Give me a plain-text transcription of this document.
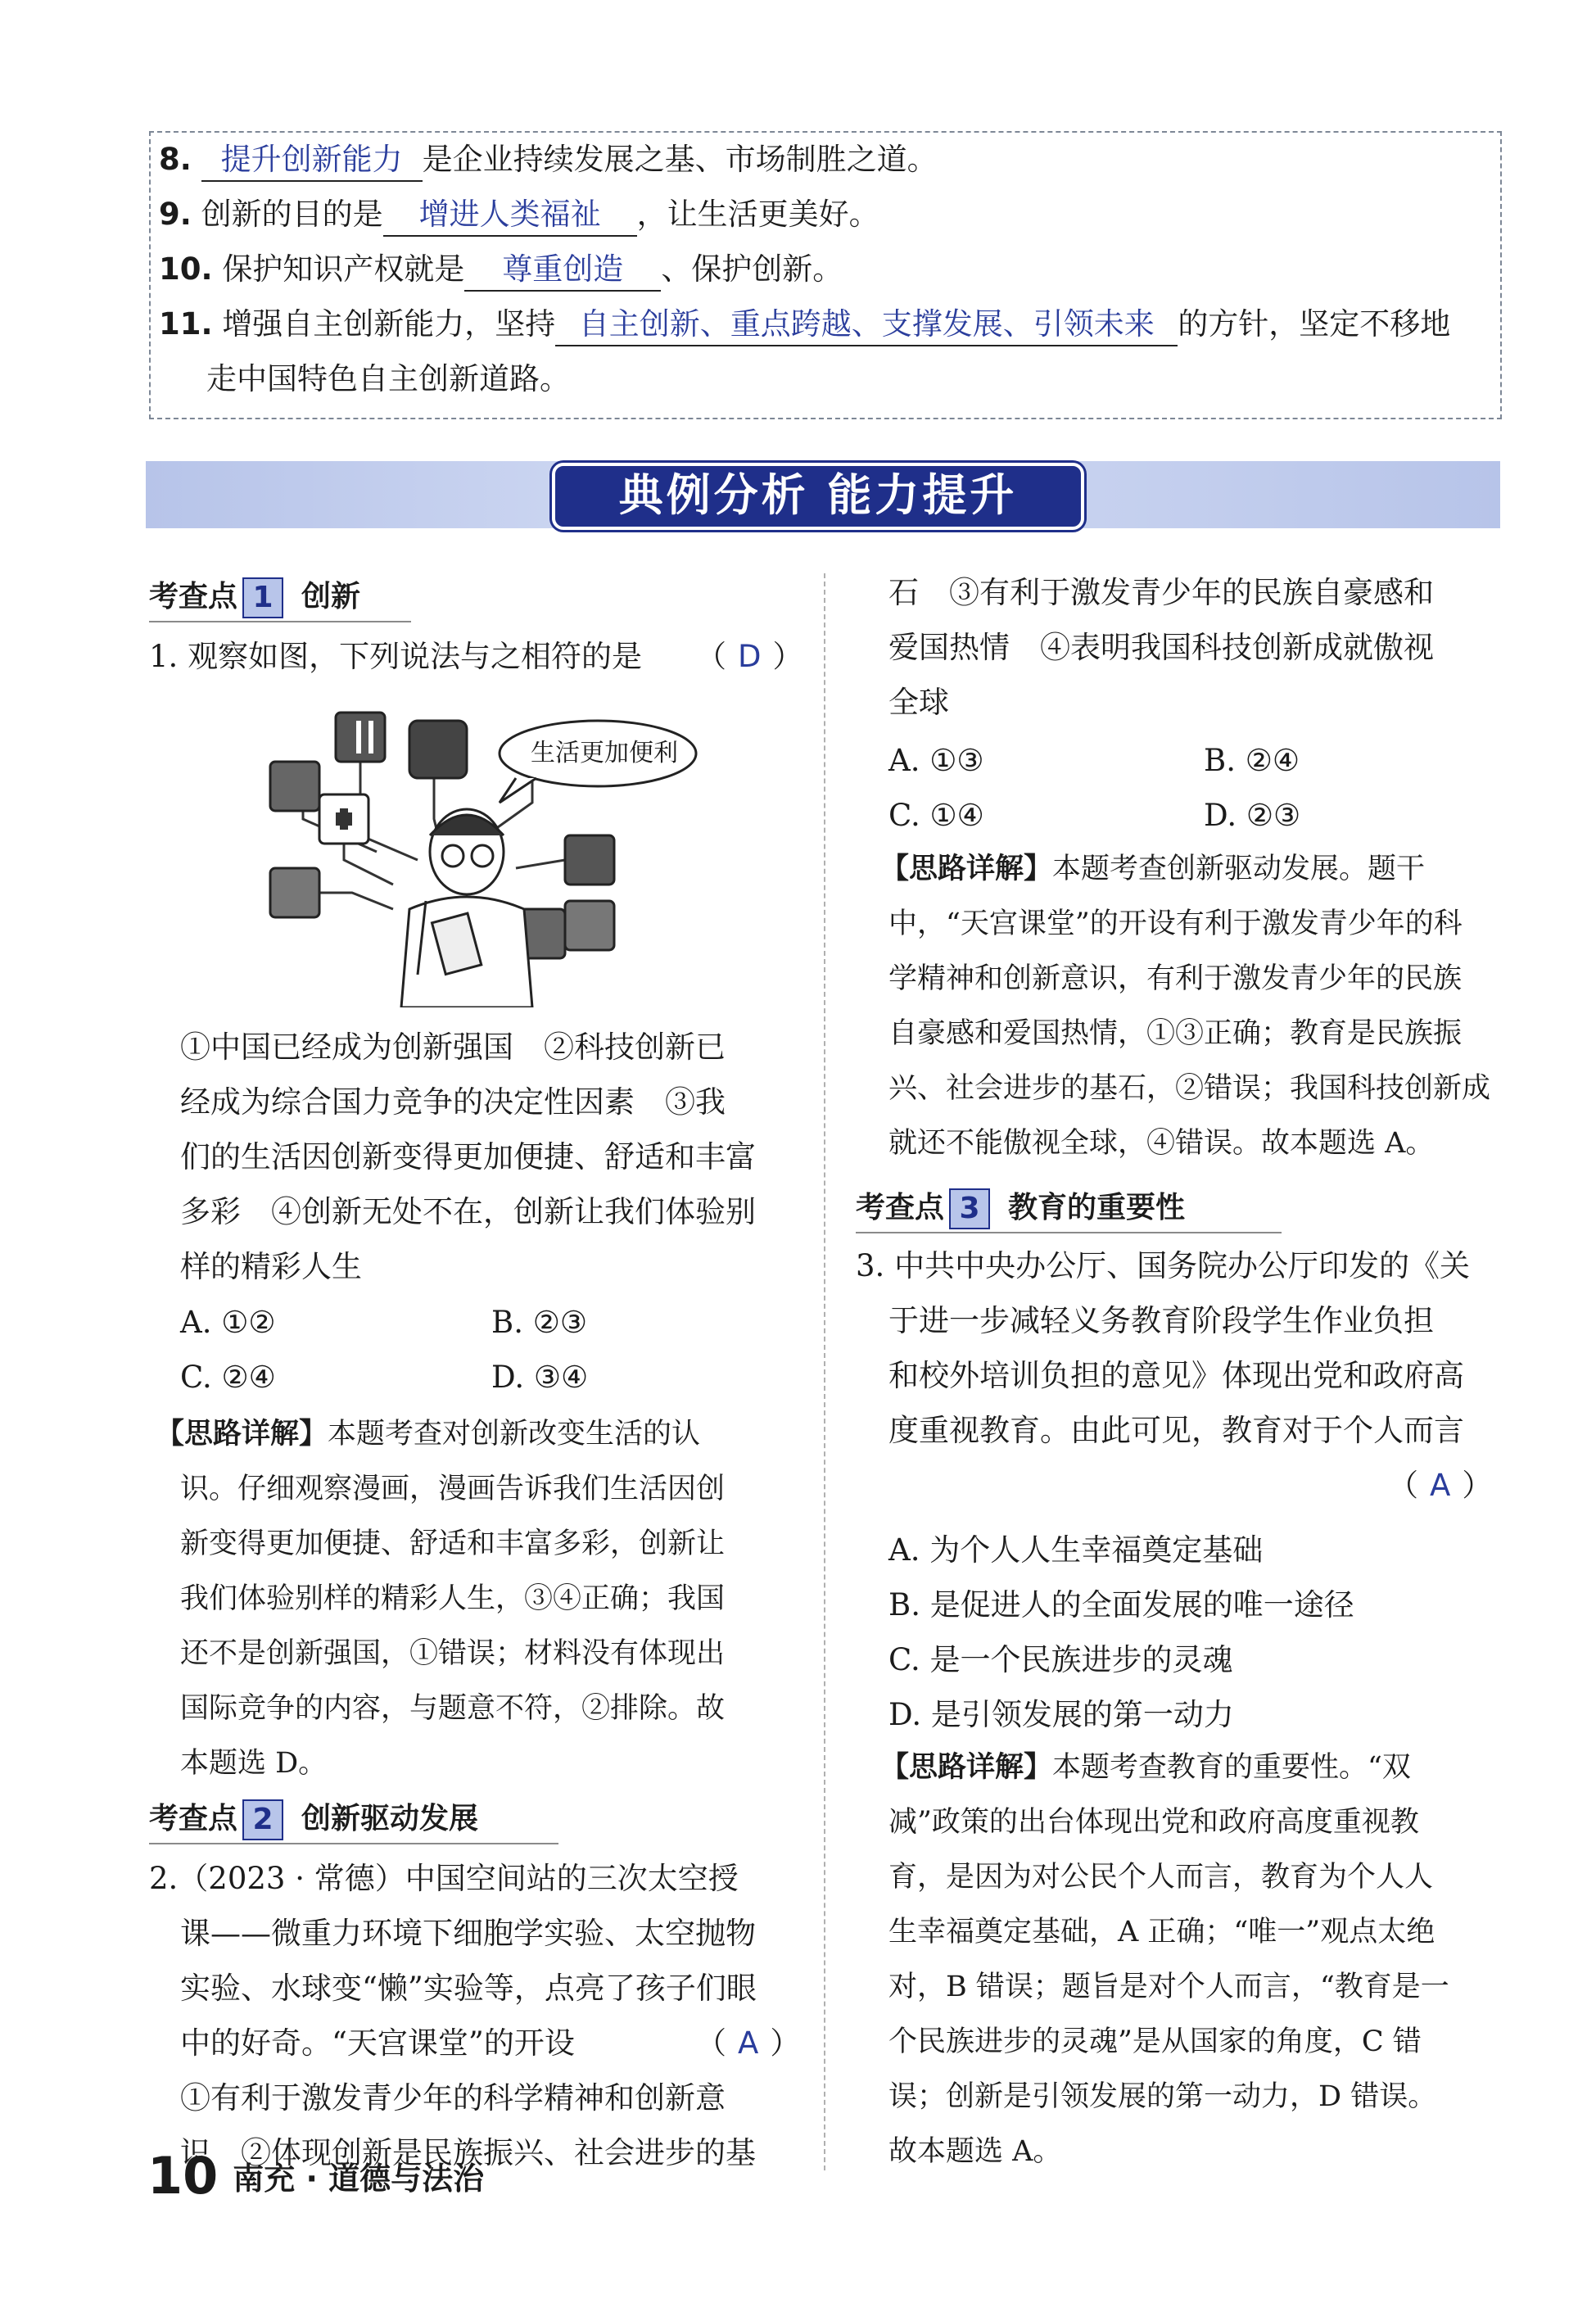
8. 提升创新能力 是企业持续发展之基、市场制胜之道。
9. 创新的目的是 增进人类福祉 ，让生活更美好。
10. 保护知识产权就是 尊重创造 、保护创新。
11. 增强自主创新能力，坚持 自主创新、重点跨越、支撑发展、引领未来 的方针，坚定不移地
走中国特色自主创新道路。
典例分析 能力提升
考查点 1 创新
1. 观察如图，下列说法与之相符的是 （ D ）
生活更加便利
①中国已经成为创新强国　②科技创新已
经成为综合国力竞争的决定性因素　③我
们的生活因创新变得更加便捷、舒适和丰富
多彩　④创新无处不在，创新让我们体验别
样的精彩人生
A. ①②	B. ②③
C. ②④	D. ③④
【思路详解】本题考查对创新改变生活的认
识。仔细观察漫画，漫画告诉我们生活因创
新变得更加便捷、舒适和丰富多彩，创新让
我们体验别样的精彩人生，③④正确；我国
还不是创新强国，①错误；材料没有体现出
国际竞争的内容，与题意不符，②排除。故
本题选 D。
考查点 2 创新驱动发展
2.（2023 · 常德）中国空间站的三次太空授
课——微重力环境下细胞学实验、太空抛物
实验、水球变“懒”实验等，点亮了孩子们眼
中的好奇。“天宫课堂”的开设	（ A ）
①有利于激发青少年的科学精神和创新意
识　②体现创新是民族振兴、社会进步的基
石　③有利于激发青少年的民族自豪感和
爱国热情　④表明我国科技创新成就傲视
全球
A. ①③	B. ②④
C. ①④	D. ②③
【思路详解】本题考查创新驱动发展。题干
中，“天宫课堂”的开设有利于激发青少年的科
学精神和创新意识，有利于激发青少年的民族
自豪感和爱国热情，①③正确；教育是民族振
兴、社会进步的基石，②错误；我国科技创新成
就还不能傲视全球，④错误。故本题选 A。
考查点 3 教育的重要性
3. 中共中央办公厅、国务院办公厅印发的《关
于进一步减轻义务教育阶段学生作业负担
和校外培训负担的意见》体现出党和政府高
度重视教育。由此可见，教育对于个人而言
（ A ）
A. 为个人人生幸福奠定基础
B. 是促进人的全面发展的唯一途径
C. 是一个民族进步的灵魂
D. 是引领发展的第一动力
【思路详解】本题考查教育的重要性。“双
减”政策的出台体现出党和政府高度重视教
育，是因为对公民个人而言，教育为个人人
生幸福奠定基础，A 正确；“唯一”观点太绝
对，B 错误；题旨是对个人而言，“教育是一
个民族进步的灵魂”是从国家的角度，C 错
误；创新是引领发展的第一动力，D 错误。
故本题选 A。
10 南充 · 道德与法治
